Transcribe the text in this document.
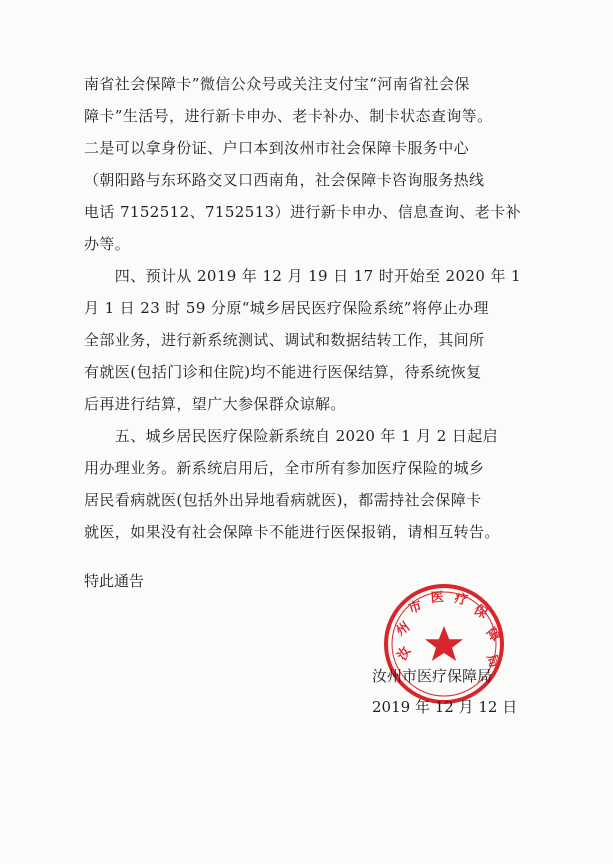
南省社会保障卡”微信公众号或关注支付宝“河南省社会保
障卡”生活号，进行新卡申办、老卡补办、制卡状态查询等。
二是可以拿身份证、户口本到汝州市社会保障卡服务中心
（朝阳路与东环路交叉口西南角，社会保障卡咨询服务热线
电话 7152512、7152513）进行新卡申办、信息查询、老卡补
办等。
　　四、预计从 2019 年 12 月 19 日 17 时开始至 2020 年 1
月 1 日 23 时 59 分原“城乡居民医疗保险系统”将停止办理
全部业务，进行新系统测试、调试和数据结转工作，其间所
有就医(包括门诊和住院)均不能进行医保结算，待系统恢复
后再进行结算，望广大参保群众谅解。
　　五、城乡居民医疗保险新系统自 2020 年 1 月 2 日起启
用办理业务。新系统启用后，全市所有参加医疗保险的城乡
居民看病就医(包括外出异地看病就医)，都需持社会保障卡
就医，如果没有社会保障卡不能进行医保报销，请相互转告。
特此通告
汝
州
市
医 疗
保
障
局
汝州市医疗保障局
2019 年 12 月 12 日
